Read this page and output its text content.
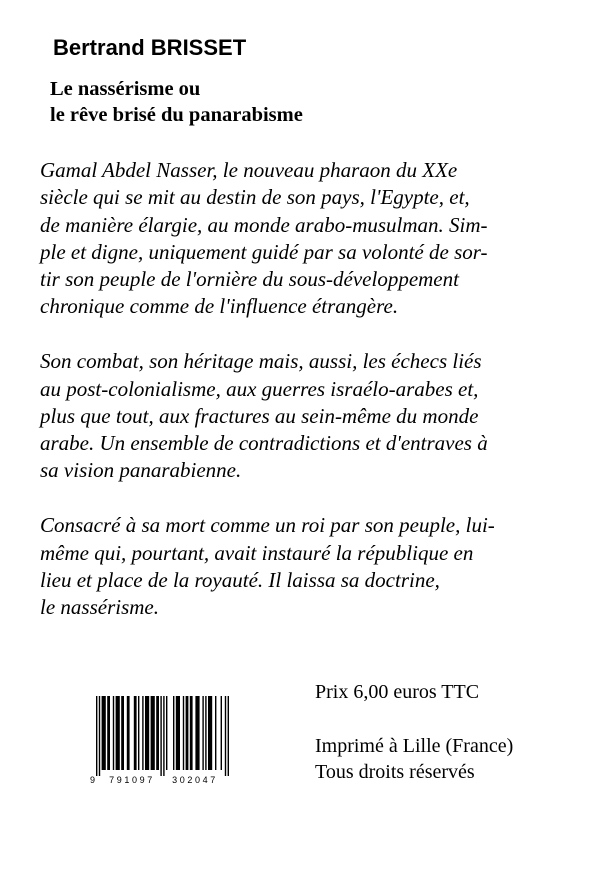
Bertrand BRISSET
Le nassérisme ou
le rêve brisé du panarabisme
Gamal Abdel Nasser, le nouveau pharaon du XXe
siècle qui se mit au destin de son pays, l'Egypte, et,
de manière élargie, au monde arabo-musulman. Sim-
ple et digne, uniquement guidé par sa volonté de sor-
tir son peuple de l'ornière du sous-développement
chronique comme de l'influence étrangère.
Son combat, son héritage mais, aussi, les échecs liés
au post-colonialisme, aux guerres israélo-arabes et,
plus que tout, aux fractures au sein-même du monde
arabe. Un ensemble de contradictions et d'entraves à
sa vision panarabienne.
Consacré à sa mort comme un roi par son peuple, lui-
même qui, pourtant, avait instauré la république en
lieu et place de la royauté. Il laissa sa doctrine,
le nassérisme.
9 791097 302047
Prix 6,00 euros TTC
Imprimé à Lille (France)
Tous droits réservés
